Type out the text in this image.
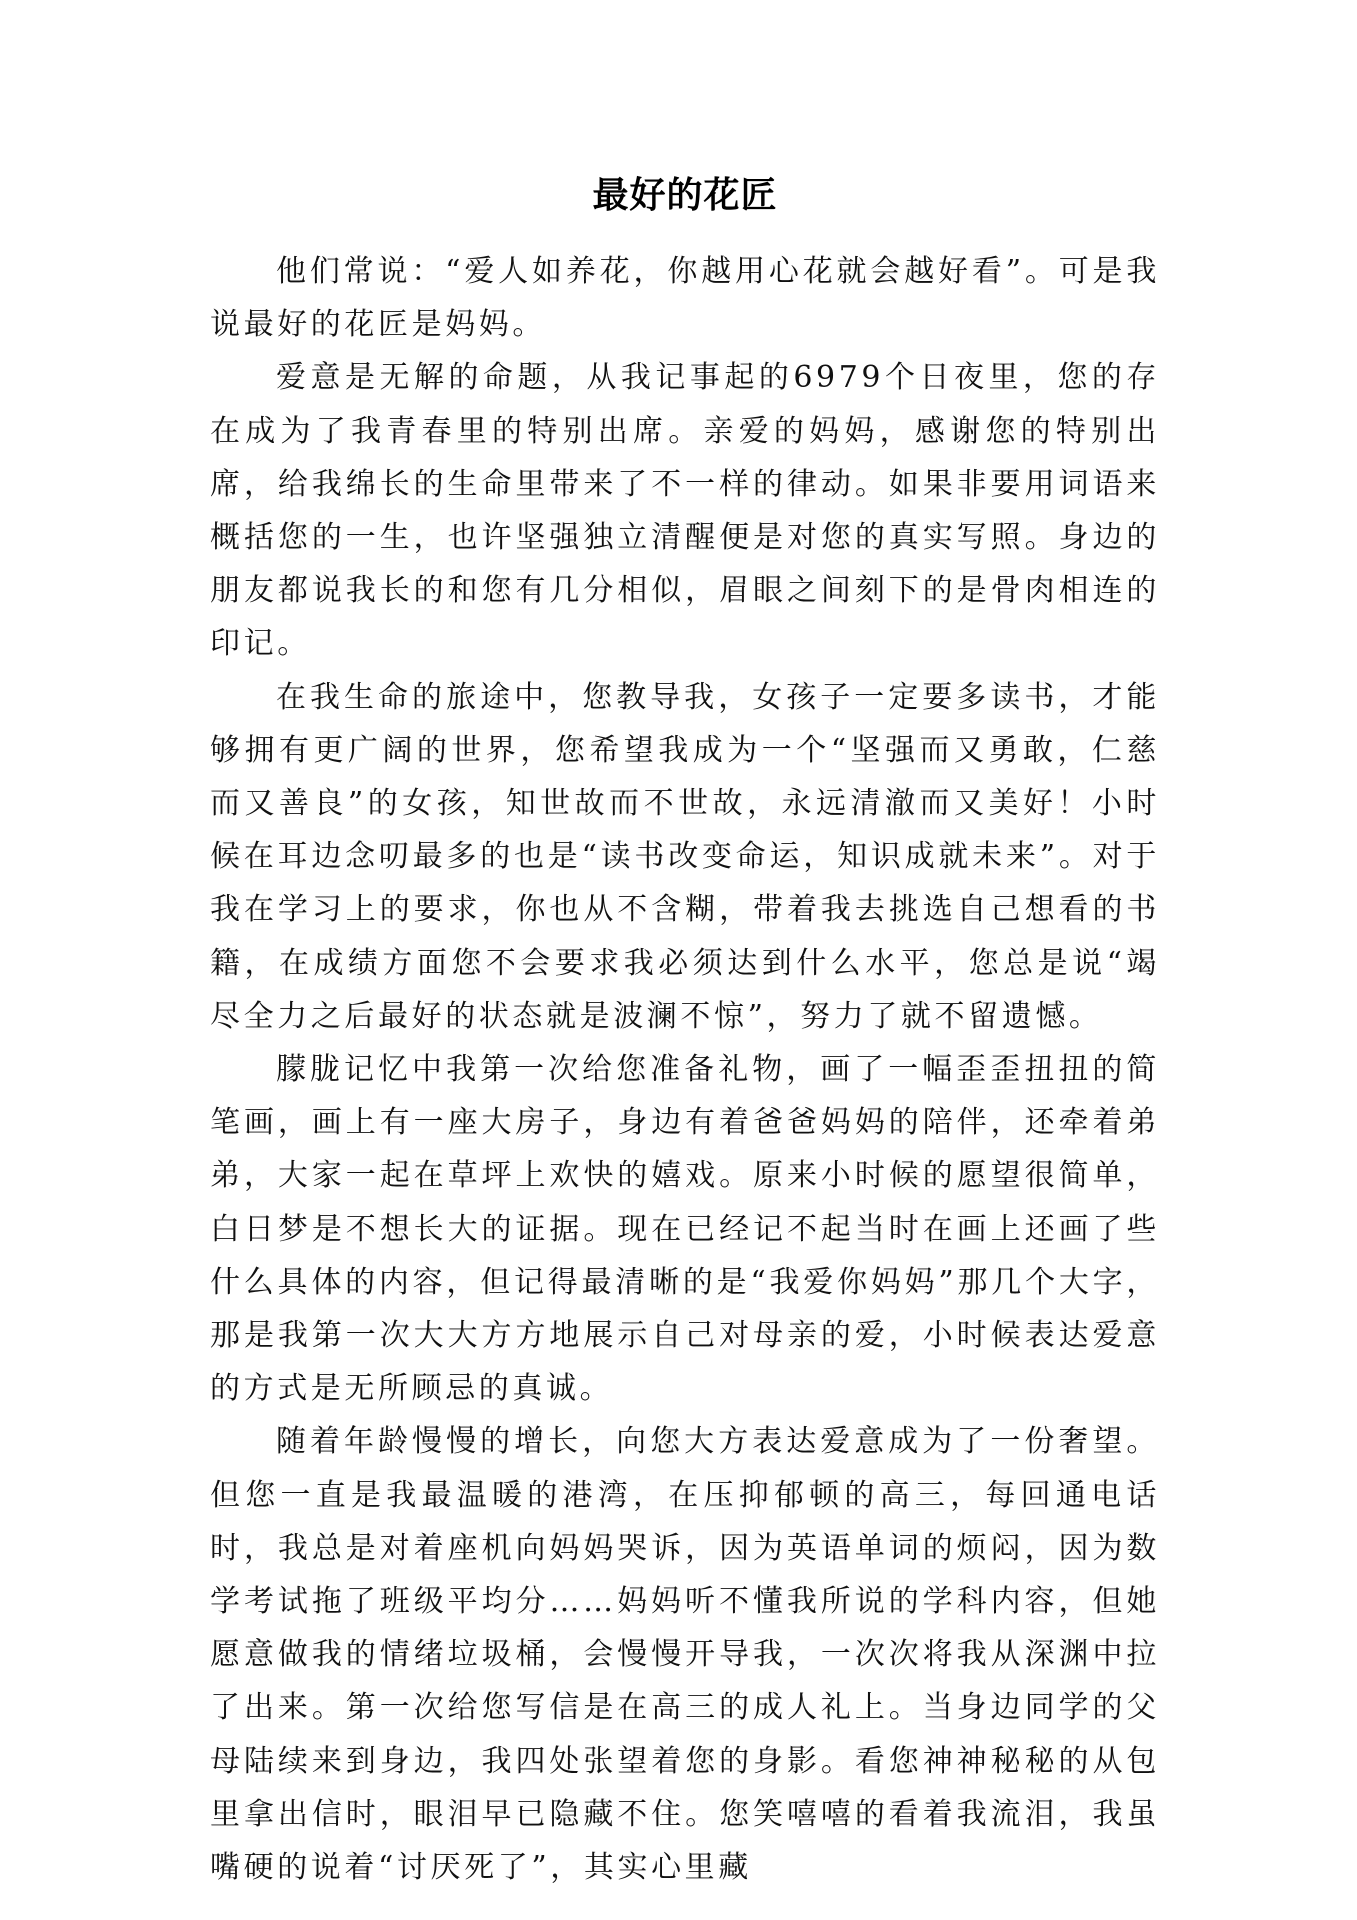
最好的花匠

他们常说：“爱人如养花，你越用心花就会越好看”。可是我说最好的花匠是妈妈。

爱意是无解的命题，从我记事起的6979个日夜里，您的存在成为了我青春里的特别出席。亲爱的妈妈，感谢您的特别出席，给我绵长的生命里带来了不一样的律动。如果非要用词语来概括您的一生，也许坚强独立清醒便是对您的真实写照。身边的朋友都说我长的和您有几分相似，眉眼之间刻下的是骨肉相连的印记。

在我生命的旅途中，您教导我，女孩子一定要多读书，才能够拥有更广阔的世界，您希望我成为一个“坚强而又勇敢，仁慈而又善良”的女孩，知世故而不世故，永远清澈而又美好！小时候在耳边念叨最多的也是“读书改变命运，知识成就未来”。对于我在学习上的要求，你也从不含糊，带着我去挑选自己想看的书籍，在成绩方面您不会要求我必须达到什么水平，您总是说“竭尽全力之后最好的状态就是波澜不惊”，努力了就不留遗憾。

朦胧记忆中我第一次给您准备礼物，画了一幅歪歪扭扭的简笔画，画上有一座大房子，身边有着爸爸妈妈的陪伴，还牵着弟弟，大家一起在草坪上欢快的嬉戏。原来小时候的愿望很简单，白日梦是不想长大的证据。现在已经记不起当时在画上还画了些什么具体的内容，但记得最清晰的是“我爱你妈妈”那几个大字，那是我第一次大大方方地展示自己对母亲的爱，小时候表达爱意的方式是无所顾忌的真诚。

随着年龄慢慢的增长，向您大方表达爱意成为了一份奢望。但您一直是我最温暖的港湾，在压抑郁顿的高三，每回通电话时，我总是对着座机向妈妈哭诉，因为英语单词的烦闷，因为数学考试拖了班级平均分……妈妈听不懂我所说的学科内容，但她愿意做我的情绪垃圾桶，会慢慢开导我，一次次将我从深渊中拉了出来。第一次给您写信是在高三的成人礼上。当身边同学的父母陆续来到身边，我四处张望着您的身影。看您神神秘秘的从包里拿出信时，眼泪早已隐藏不住。您笑嘻嘻的看着我流泪，我虽嘴硬的说着“讨厌死了”，其实心里藏
